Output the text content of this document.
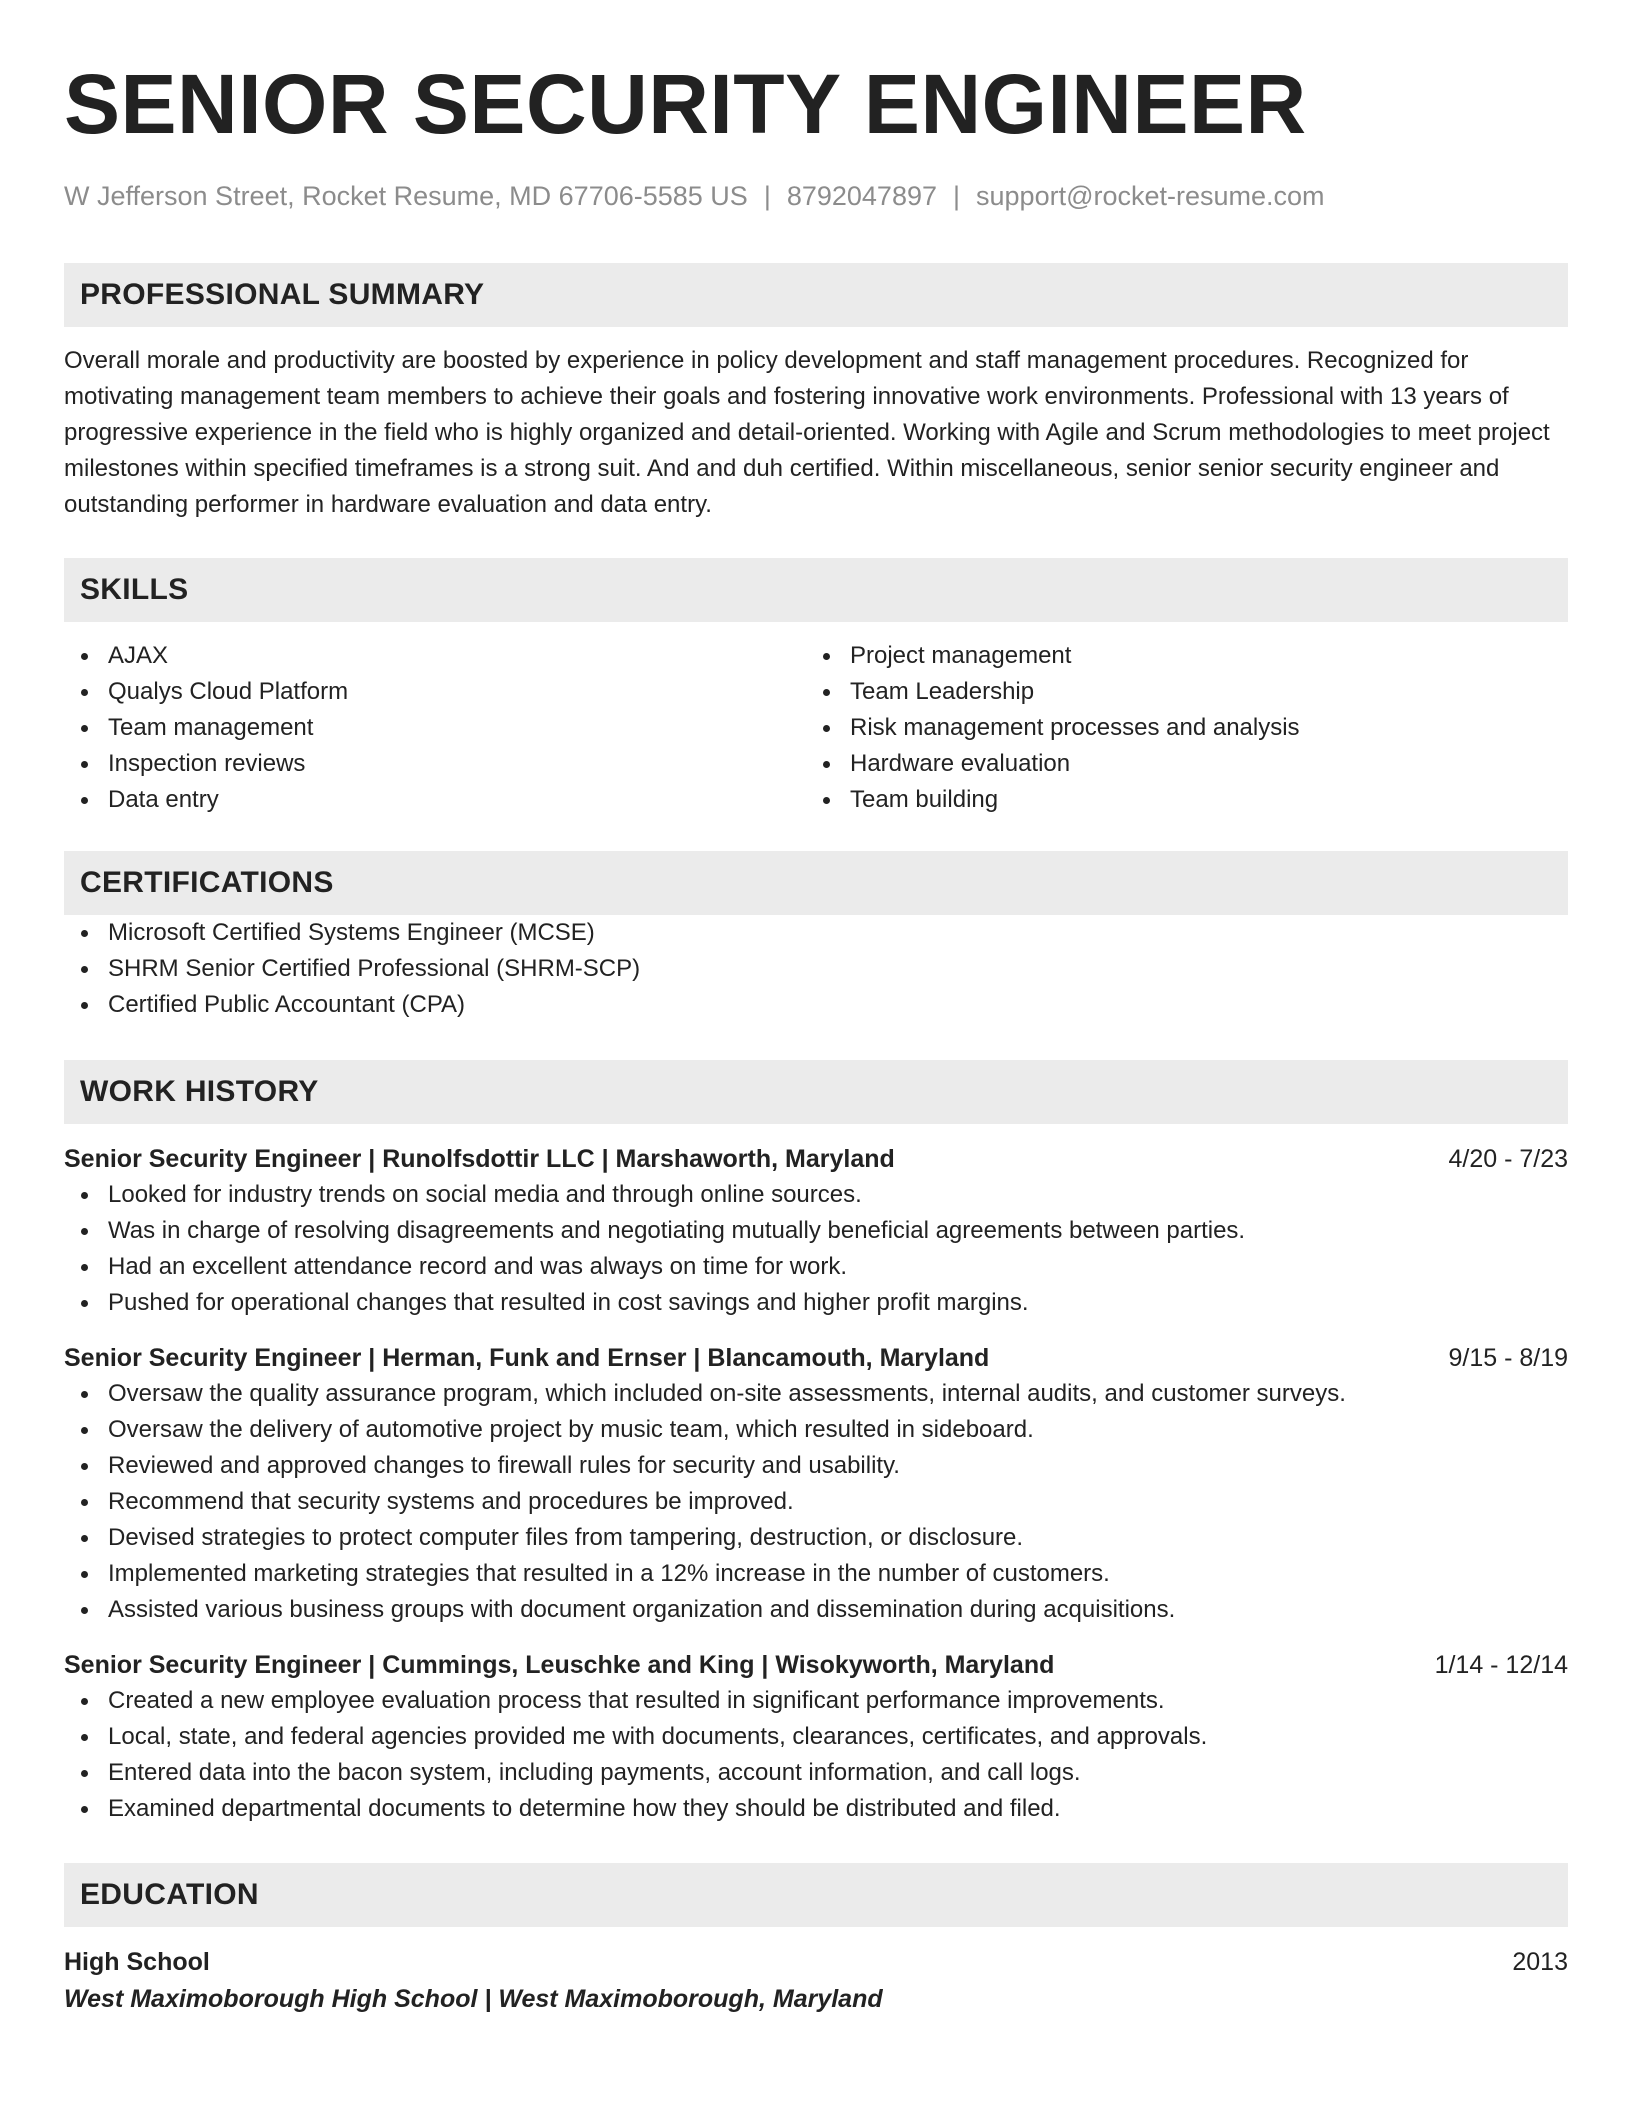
SENIOR SECURITY ENGINEER
W Jefferson Street, Rocket Resume, MD 67706-5585 US | 8792047897 | support@rocket-resume.com
PROFESSIONAL SUMMARY
Overall morale and productivity are boosted by experience in policy development and staff management procedures. Recognized for motivating management team members to achieve their goals and fostering innovative work environments. Professional with 13 years of progressive experience in the field who is highly organized and detail-oriented. Working with Agile and Scrum methodologies to meet project milestones within specified timeframes is a strong suit. And and duh certified. Within miscellaneous, senior senior security engineer and outstanding performer in hardware evaluation and data entry.
SKILLS
AJAX
Qualys Cloud Platform
Team management
Inspection reviews
Data entry
Project management
Team Leadership
Risk management processes and analysis
Hardware evaluation
Team building
CERTIFICATIONS
Microsoft Certified Systems Engineer (MCSE)
SHRM Senior Certified Professional (SHRM-SCP)
Certified Public Accountant (CPA)
WORK HISTORY
Senior Security Engineer | Runolfsdottir LLC | Marshaworth, Maryland	4/20 - 7/23
Looked for industry trends on social media and through online sources.
Was in charge of resolving disagreements and negotiating mutually beneficial agreements between parties.
Had an excellent attendance record and was always on time for work.
Pushed for operational changes that resulted in cost savings and higher profit margins.
Senior Security Engineer | Herman, Funk and Ernser | Blancamouth, Maryland	9/15 - 8/19
Oversaw the quality assurance program, which included on-site assessments, internal audits, and customer surveys.
Oversaw the delivery of automotive project by music team, which resulted in sideboard.
Reviewed and approved changes to firewall rules for security and usability.
Recommend that security systems and procedures be improved.
Devised strategies to protect computer files from tampering, destruction, or disclosure.
Implemented marketing strategies that resulted in a 12% increase in the number of customers.
Assisted various business groups with document organization and dissemination during acquisitions.
Senior Security Engineer | Cummings, Leuschke and King | Wisokyworth, Maryland	1/14 - 12/14
Created a new employee evaluation process that resulted in significant performance improvements.
Local, state, and federal agencies provided me with documents, clearances, certificates, and approvals.
Entered data into the bacon system, including payments, account information, and call logs.
Examined departmental documents to determine how they should be distributed and filed.
EDUCATION
High School	2013
West Maximoborough High School | West Maximoborough, Maryland
